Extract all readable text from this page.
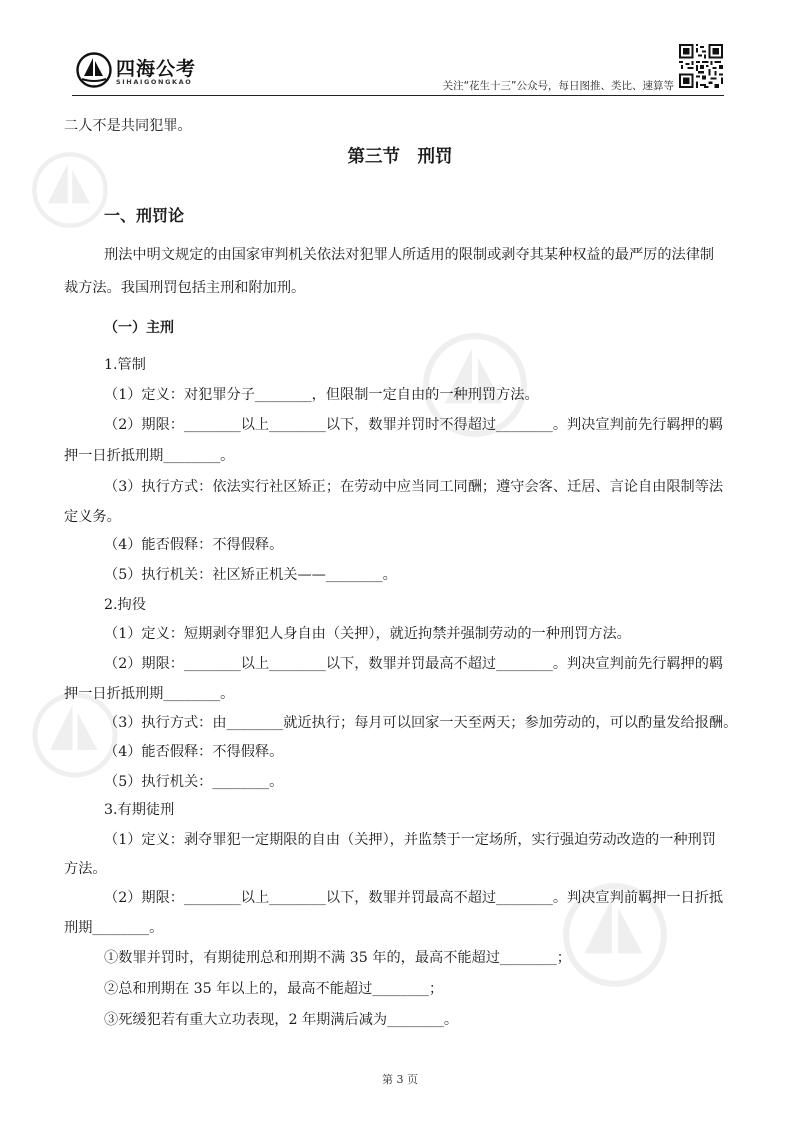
四海公考
SIHAIGONGKAO	关注“花生十三”公众号，每日图推、类比、速算等
二人不是共同犯罪。
第三节　刑罚
一、刑罚论
刑法中明文规定的由国家审判机关依法对犯罪人所适用的限制或剥夺其某种权益的最严厉的法律制
裁方法。我国刑罚包括主刑和附加刑。
（一）主刑
1.管制
（1）定义：对犯罪分子________，但限制一定自由的一种刑罚方法。
（2）期限：________以上________以下，数罪并罚时不得超过________。判决宣判前先行羁押的羁
押一日折抵刑期________。
（3）执行方式：依法实行社区矫正；在劳动中应当同工同酬；遵守会客、迁居、言论自由限制等法
定义务。
（4）能否假释：不得假释。
（5）执行机关：社区矫正机关——________。
2.拘役
（1）定义：短期剥夺罪犯人身自由（关押），就近拘禁并强制劳动的一种刑罚方法。
（2）期限：________以上________以下，数罪并罚最高不超过________。判决宣判前先行羁押的羁
押一日折抵刑期________。
（3）执行方式：由________就近执行；每月可以回家一天至两天；参加劳动的，可以酌量发给报酬。
（4）能否假释：不得假释。
（5）执行机关：________。
3.有期徒刑
（1）定义：剥夺罪犯一定期限的自由（关押），并监禁于一定场所，实行强迫劳动改造的一种刑罚
方法。
（2）期限：________以上________以下，数罪并罚最高不超过________。判决宣判前羁押一日折抵
刑期________。
①数罪并罚时，有期徒刑总和刑期不满 35 年的，最高不能超过________；
②总和刑期在 35 年以上的，最高不能超过________；
③死缓犯若有重大立功表现，2 年期满后减为________。
第 3 页
